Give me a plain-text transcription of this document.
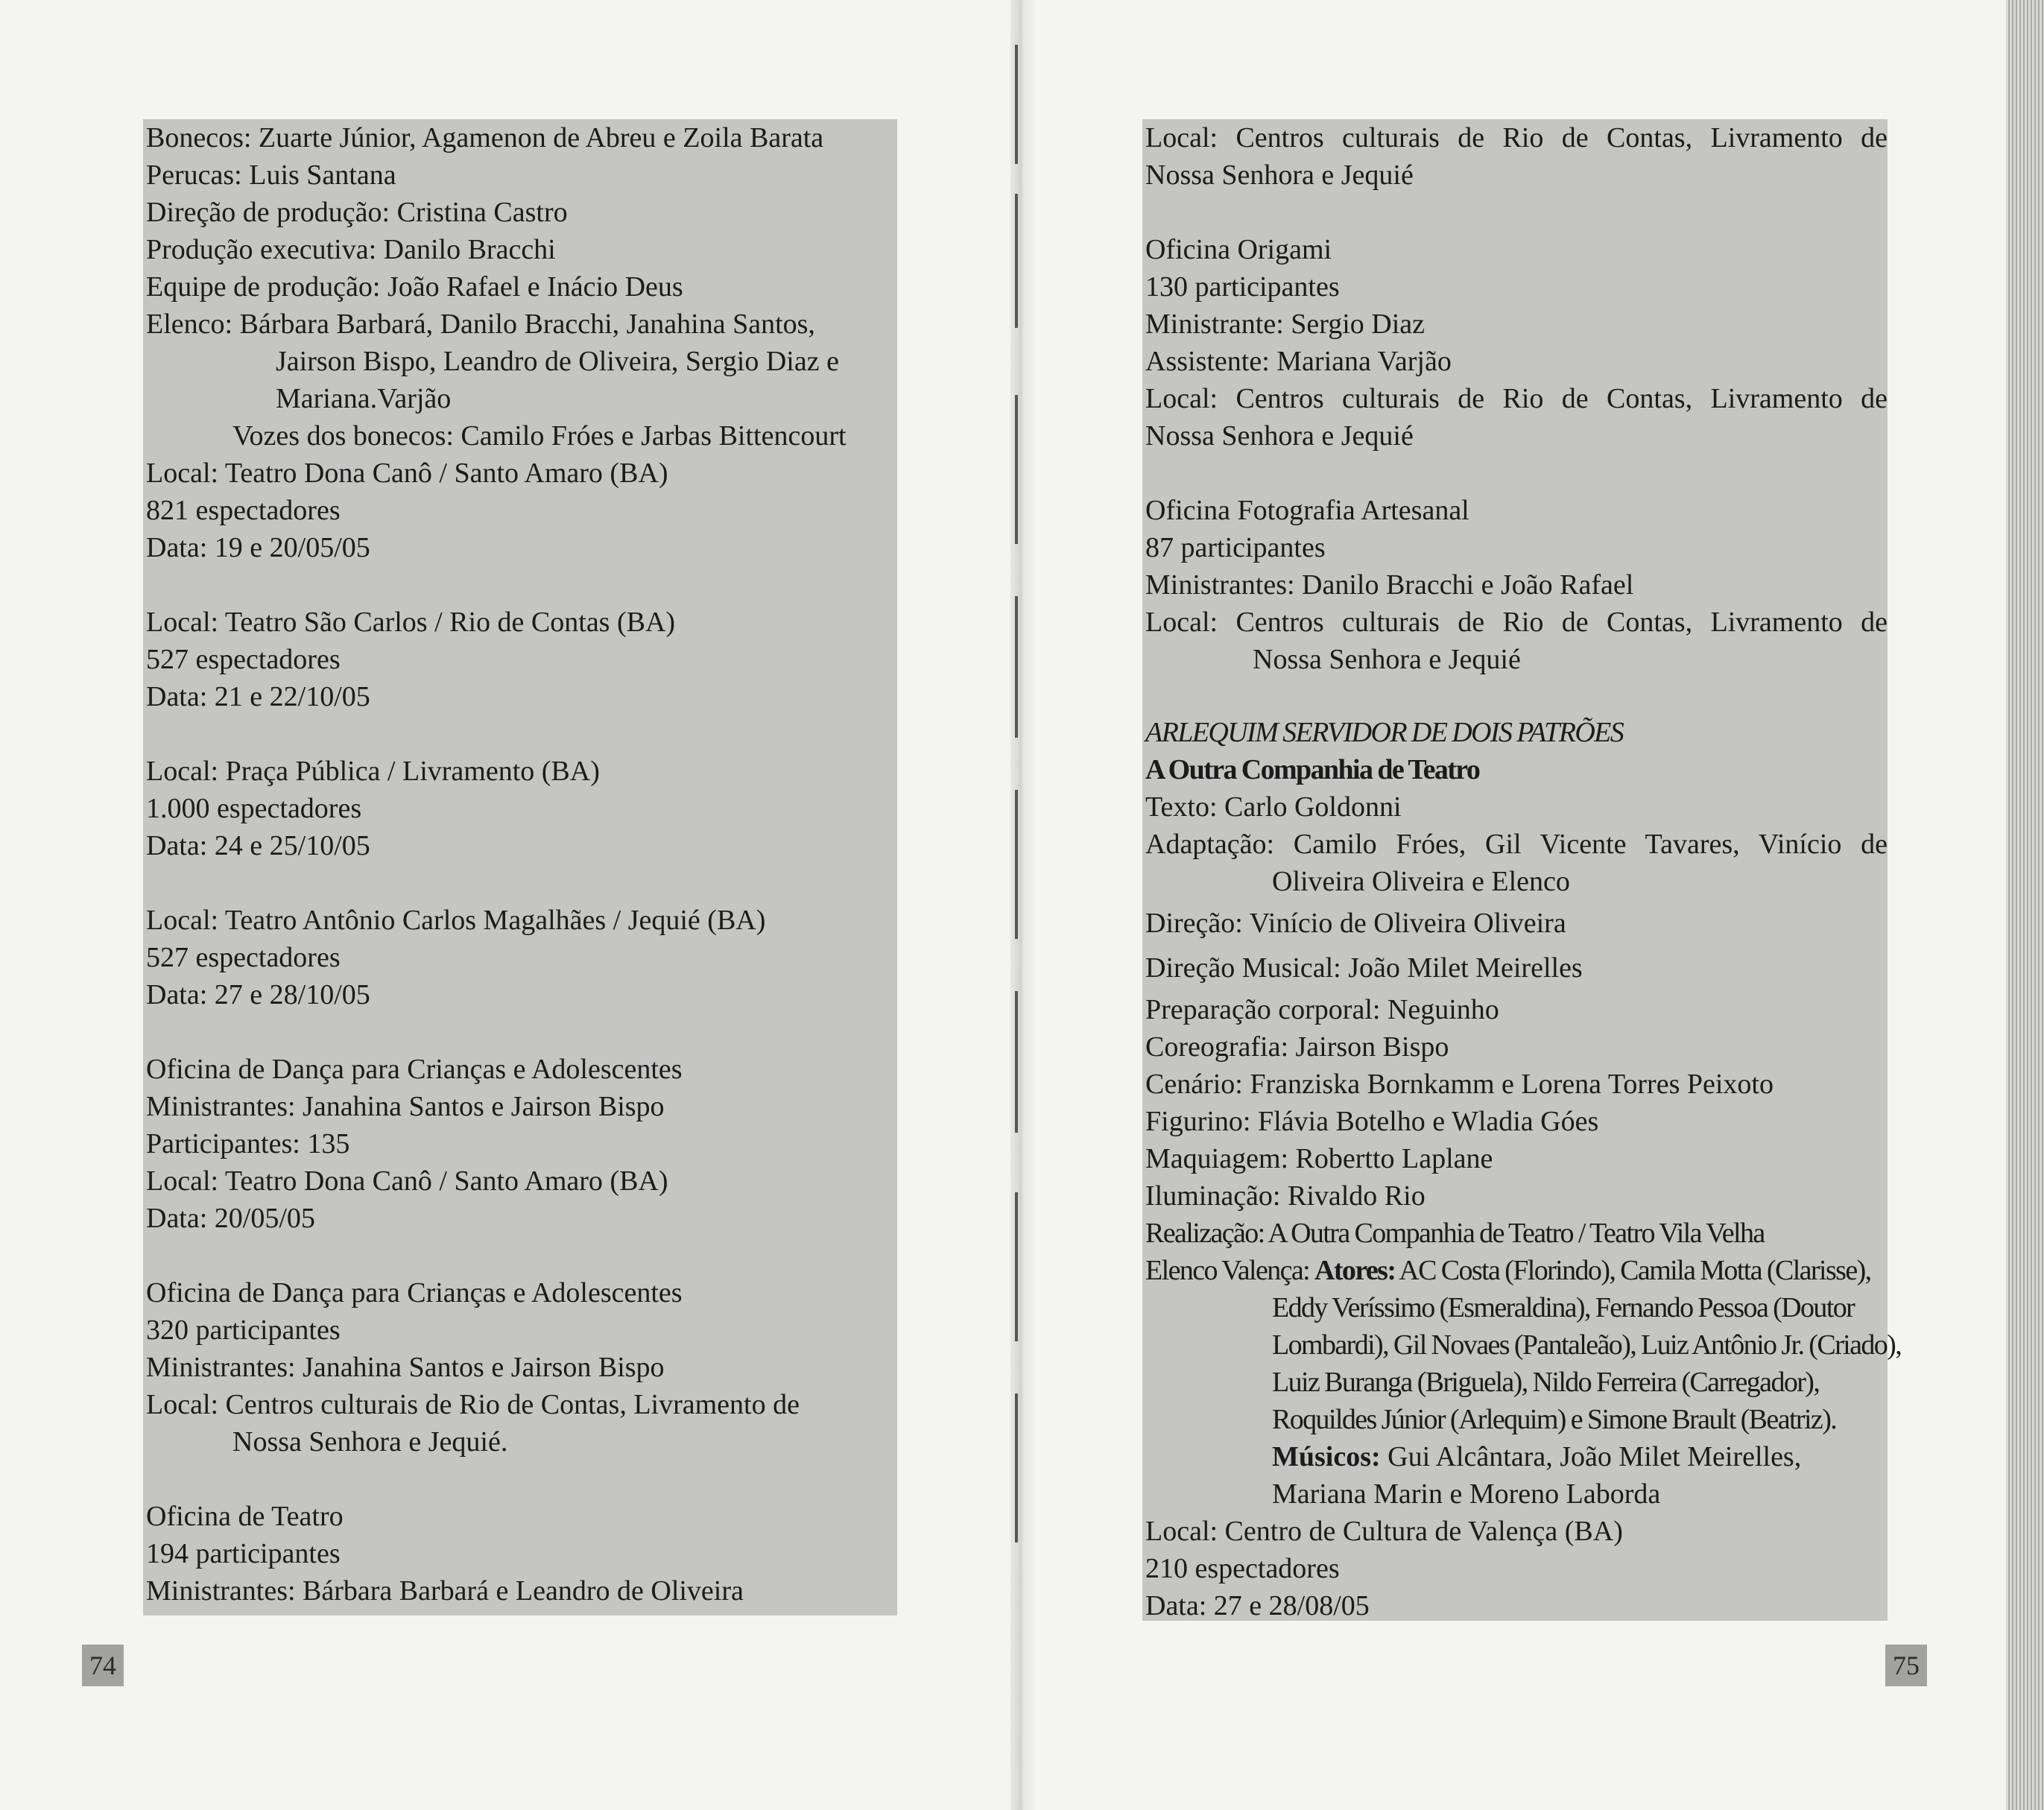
Bonecos: Zuarte Júnior, Agamenon de Abreu e Zoila Barata
Perucas: Luis Santana
Direção de produção: Cristina Castro
Produção executiva: Danilo Bracchi
Equipe de produção: João Rafael e Inácio Deus
Elenco: Bárbara Barbará, Danilo Bracchi, Janahina Santos,
Jairson Bispo, Leandro de Oliveira, Sergio Diaz e
Mariana.Varjão
Vozes dos bonecos: Camilo Fróes e Jarbas Bittencourt
Local: Teatro Dona Canô / Santo Amaro (BA)
821 espectadores
Data: 19 e 20/05/05
Local: Teatro São Carlos / Rio de Contas (BA)
527 espectadores
Data: 21 e 22/10/05
Local: Praça Pública / Livramento (BA)
1.000 espectadores
Data: 24 e 25/10/05
Local: Teatro Antônio Carlos Magalhães / Jequié (BA)
527 espectadores
Data: 27 e 28/10/05
Oficina de Dança para Crianças e Adolescentes
Ministrantes: Janahina Santos e Jairson Bispo
Participantes: 135
Local: Teatro Dona Canô / Santo Amaro (BA)
Data: 20/05/05
Oficina de Dança para Crianças e Adolescentes
320 participantes
Ministrantes: Janahina Santos e Jairson Bispo
Local: Centros culturais de Rio de Contas, Livramento de
Nossa Senhora e Jequié.
Oficina de Teatro
194 participantes
Ministrantes: Bárbara Barbará e Leandro de Oliveira
74
Local: Centros culturais de Rio de Contas, Livramento de
Nossa Senhora e Jequié
Oficina Origami
130 participantes
Ministrante: Sergio Diaz
Assistente: Mariana Varjão
Local: Centros culturais de Rio de Contas, Livramento de
Nossa Senhora e Jequié
Oficina Fotografia Artesanal
87 participantes
Ministrantes: Danilo Bracchi e João Rafael
Local: Centros culturais de Rio de Contas, Livramento de
Nossa Senhora e Jequié
ARLEQUIM SERVIDOR DE DOIS PATRÕES
A Outra Companhia de Teatro
Texto: Carlo Goldonni
Adaptação: Camilo Fróes, Gil Vicente Tavares, Vinício de
Oliveira Oliveira e Elenco
Direção: Vinício de Oliveira Oliveira
Direção Musical: João Milet Meirelles
Preparação corporal: Neguinho
Coreografia: Jairson Bispo
Cenário: Franziska Bornkamm e Lorena Torres Peixoto
Figurino: Flávia Botelho e Wladia Góes
Maquiagem: Robertto Laplane
Iluminação: Rivaldo Rio
Realização: A Outra Companhia de Teatro / Teatro Vila Velha
Elenco Valença: Atores: AC Costa (Florindo), Camila Motta (Clarisse),
Eddy Veríssimo (Esmeraldina), Fernando Pessoa (Doutor
Lombardi), Gil Novaes (Pantaleão), Luiz Antônio Jr. (Criado),
Luiz Buranga (Briguela), Nildo Ferreira (Carregador),
Roquildes Júnior (Arlequim) e Simone Brault (Beatriz).
Músicos: Gui Alcântara, João Milet Meirelles,
Mariana Marin e Moreno Laborda
Local: Centro de Cultura de Valença (BA)
210 espectadores
Data: 27 e 28/08/05
75
